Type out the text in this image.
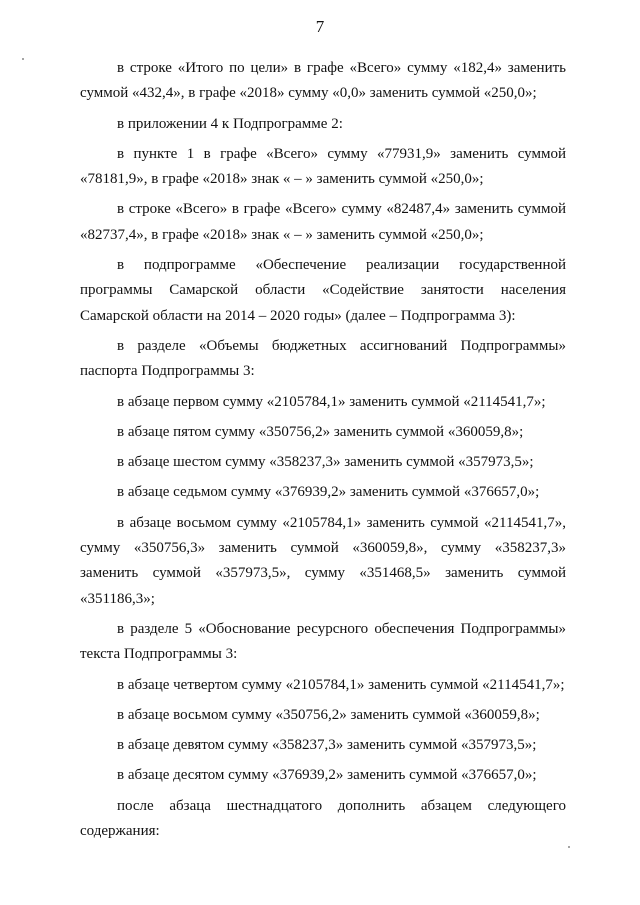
7

в строке «Итого по цели» в графе «Всего» сумму «182,4» заменить суммой «432,4», в графе «2018» сумму «0,0» заменить суммой «250,0»;

в приложении 4 к Подпрограмме 2:

в пункте 1 в графе «Всего» сумму «77931,9» заменить суммой «78181,9», в графе «2018» знак « – » заменить суммой «250,0»;

в строке «Всего» в графе «Всего» сумму «82487,4» заменить суммой «82737,4», в графе «2018» знак « – » заменить суммой «250,0»;

в подпрограмме «Обеспечение реализации государственной программы Самарской области «Содействие занятости населения Самарской области на 2014 – 2020 годы» (далее – Подпрограмма 3):

в разделе «Объемы бюджетных ассигнований Подпрограммы» паспорта Подпрограммы 3:

в абзаце первом сумму «2105784,1» заменить суммой «2114541,7»;

в абзаце пятом сумму «350756,2» заменить суммой «360059,8»;

в абзаце шестом сумму «358237,3» заменить суммой «357973,5»;

в абзаце седьмом сумму «376939,2» заменить суммой «376657,0»;

в абзаце восьмом сумму «2105784,1» заменить суммой «2114541,7», сумму «350756,3» заменить суммой «360059,8», сумму «358237,3» заменить суммой «357973,5», сумму «351468,5» заменить суммой «351186,3»;

в разделе 5 «Обоснование ресурсного обеспечения Подпрограммы» текста Подпрограммы 3:

в абзаце четвертом сумму «2105784,1» заменить суммой «2114541,7»;

в абзаце восьмом сумму «350756,2» заменить суммой «360059,8»;

в абзаце девятом сумму «358237,3» заменить суммой «357973,5»;

в абзаце десятом сумму «376939,2» заменить суммой «376657,0»;

после абзаца шестнадцатого дополнить абзацем следующего содержания:
